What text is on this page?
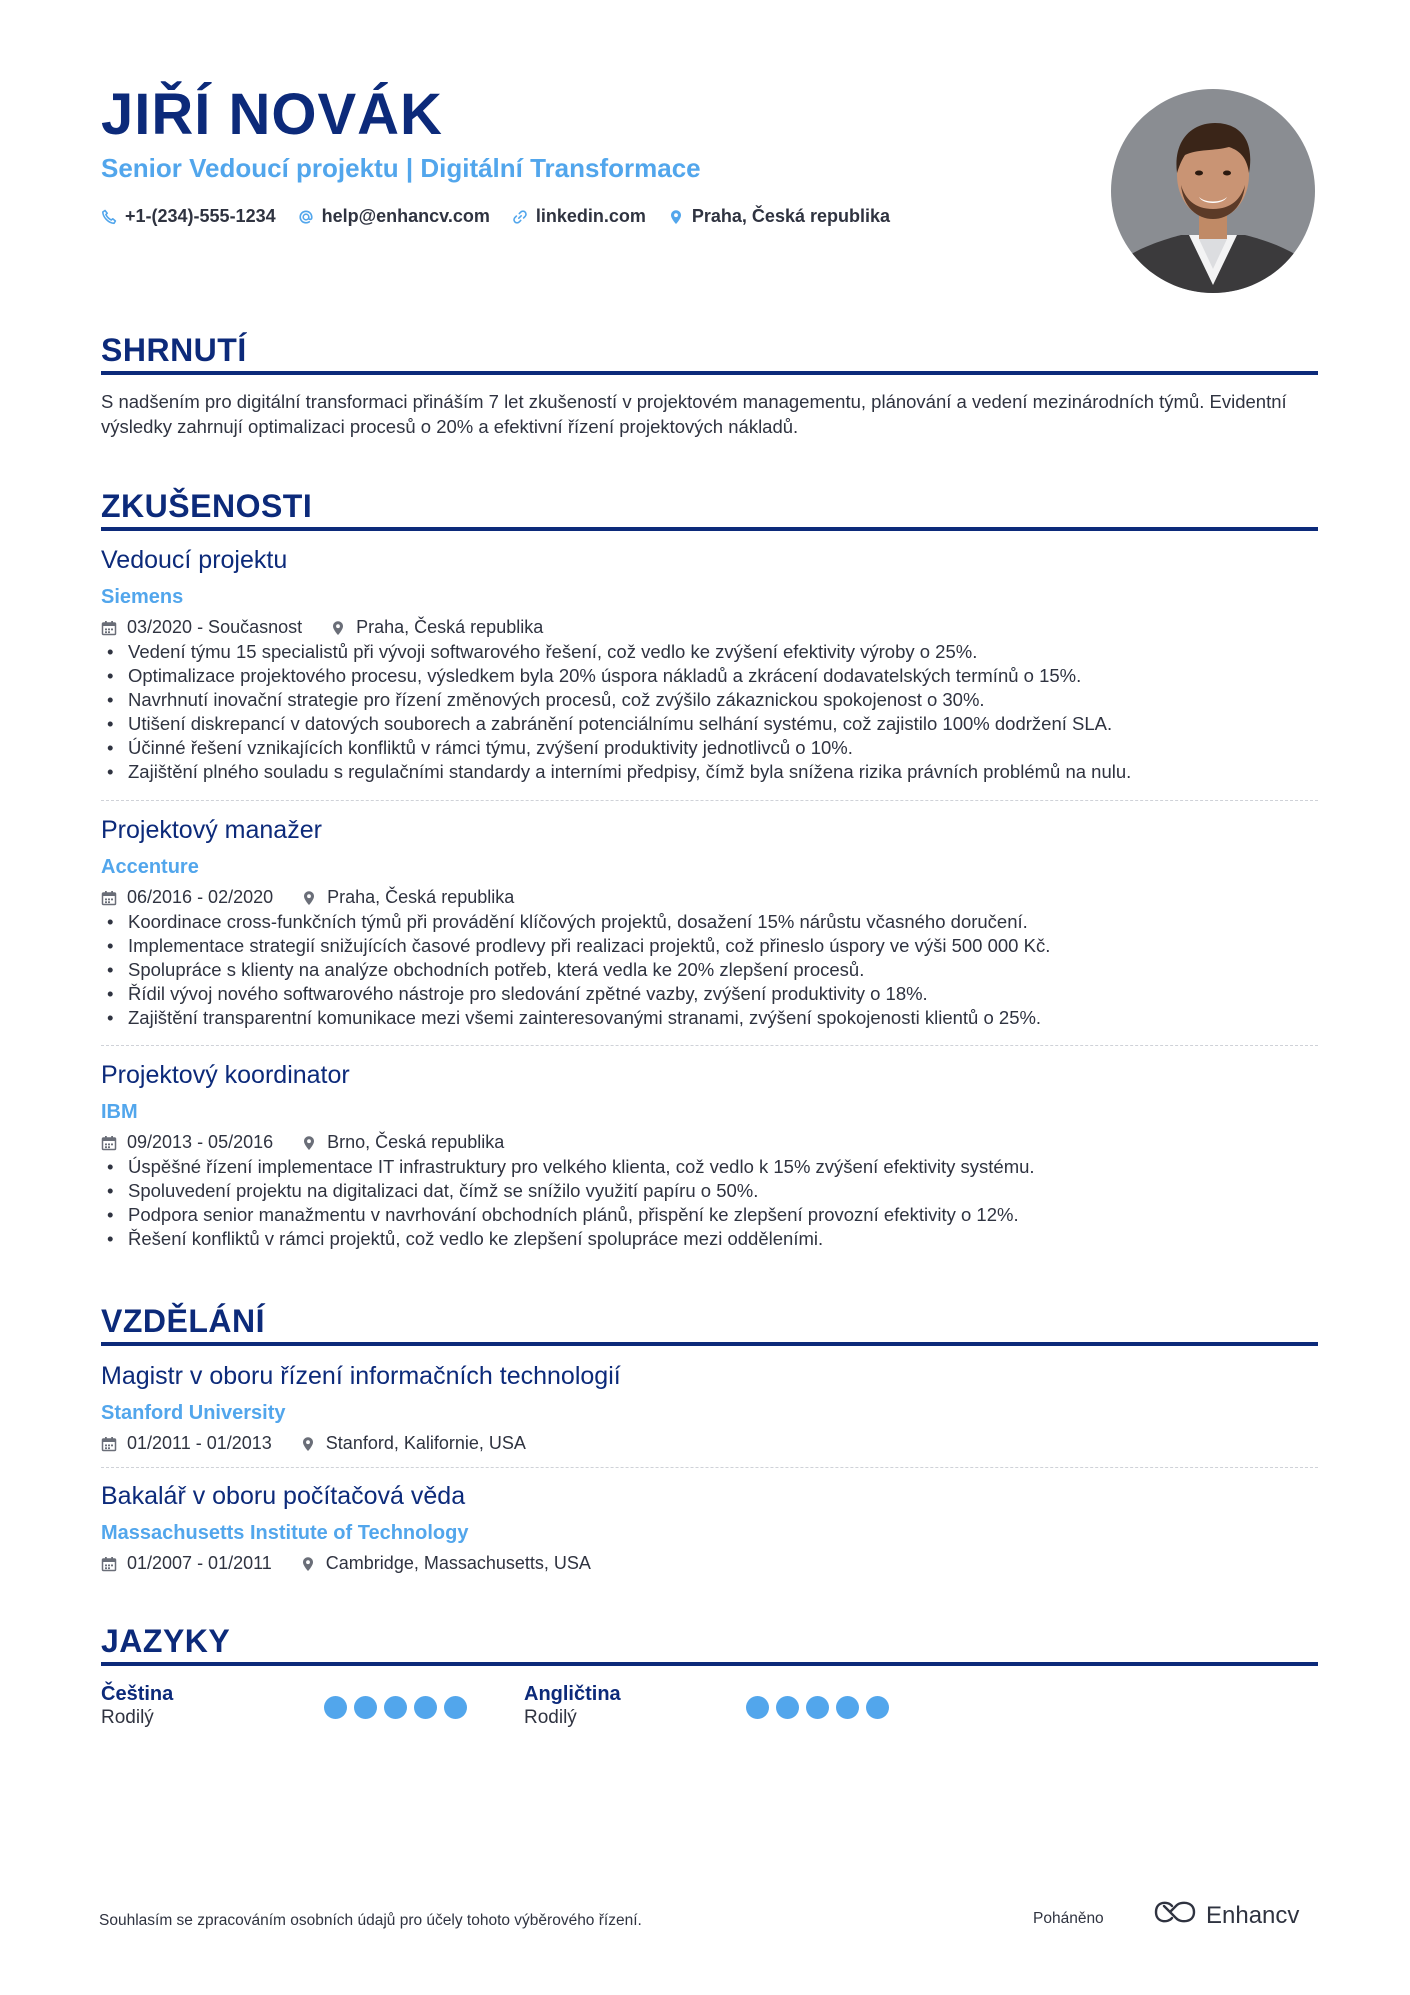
JIŘÍ NOVÁK
Senior Vedoucí projektu | Digitální Transformace
+1-(234)-555-1234	help@enhancv.com	linkedin.com	Praha, Česká republika
SHRNUTÍ
S nadšením pro digitální transformaci přináším 7 let zkušeností v projektovém managementu, plánování a vedení mezinárodních týmů. Evidentní výsledky zahrnují optimalizaci procesů o 20% a efektivní řízení projektových nákladů.
ZKUŠENOSTI
Vedoucí projektu
Siemens
03/2020 - Současnost	Praha, Česká republika
• Vedení týmu 15 specialistů při vývoji softwarového řešení, což vedlo ke zvýšení efektivity výroby o 25%.
• Optimalizace projektového procesu, výsledkem byla 20% úspora nákladů a zkrácení dodavatelských termínů o 15%.
• Navrhnutí inovační strategie pro řízení změnových procesů, což zvýšilo zákaznickou spokojenost o 30%.
• Utišení diskrepancí v datových souborech a zabránění potenciálnímu selhání systému, což zajistilo 100% dodržení SLA.
• Účinné řešení vznikajících konfliktů v rámci týmu, zvýšení produktivity jednotlivců o 10%.
• Zajištění plného souladu s regulačními standardy a interními předpisy, čímž byla snížena rizika právních problémů na nulu.
Projektový manažer
Accenture
06/2016 - 02/2020	Praha, Česká republika
• Koordinace cross-funkčních týmů při provádění klíčových projektů, dosažení 15% nárůstu včasného doručení.
• Implementace strategií snižujících časové prodlevy při realizaci projektů, což přineslo úspory ve výši 500 000 Kč.
• Spolupráce s klienty na analýze obchodních potřeb, která vedla ke 20% zlepšení procesů.
• Řídil vývoj nového softwarového nástroje pro sledování zpětné vazby, zvýšení produktivity o 18%.
• Zajištění transparentní komunikace mezi všemi zainteresovanými stranami, zvýšení spokojenosti klientů o 25%.
Projektový koordinator
IBM
09/2013 - 05/2016	Brno, Česká republika
• Úspěšné řízení implementace IT infrastruktury pro velkého klienta, což vedlo k 15% zvýšení efektivity systému.
• Spoluvedení projektu na digitalizaci dat, čímž se snížilo využití papíru o 50%.
• Podpora senior manažmentu v navrhování obchodních plánů, přispění ke zlepšení provozní efektivity o 12%.
• Řešení konfliktů v rámci projektů, což vedlo ke zlepšení spolupráce mezi odděleními.
VZDĚLÁNÍ
Magistr v oboru řízení informačních technologií
Stanford University
01/2011 - 01/2013	Stanford, Kalifornie, USA
Bakalář v oboru počítačová věda
Massachusetts Institute of Technology
01/2007 - 01/2011	Cambridge, Massachusetts, USA
JAZYKY
Čeština
Rodilý
Angličtina
Rodilý
Souhlasím se zpracováním osobních údajů pro účely tohoto výběrového řízení.	Poháněno	Enhancv
